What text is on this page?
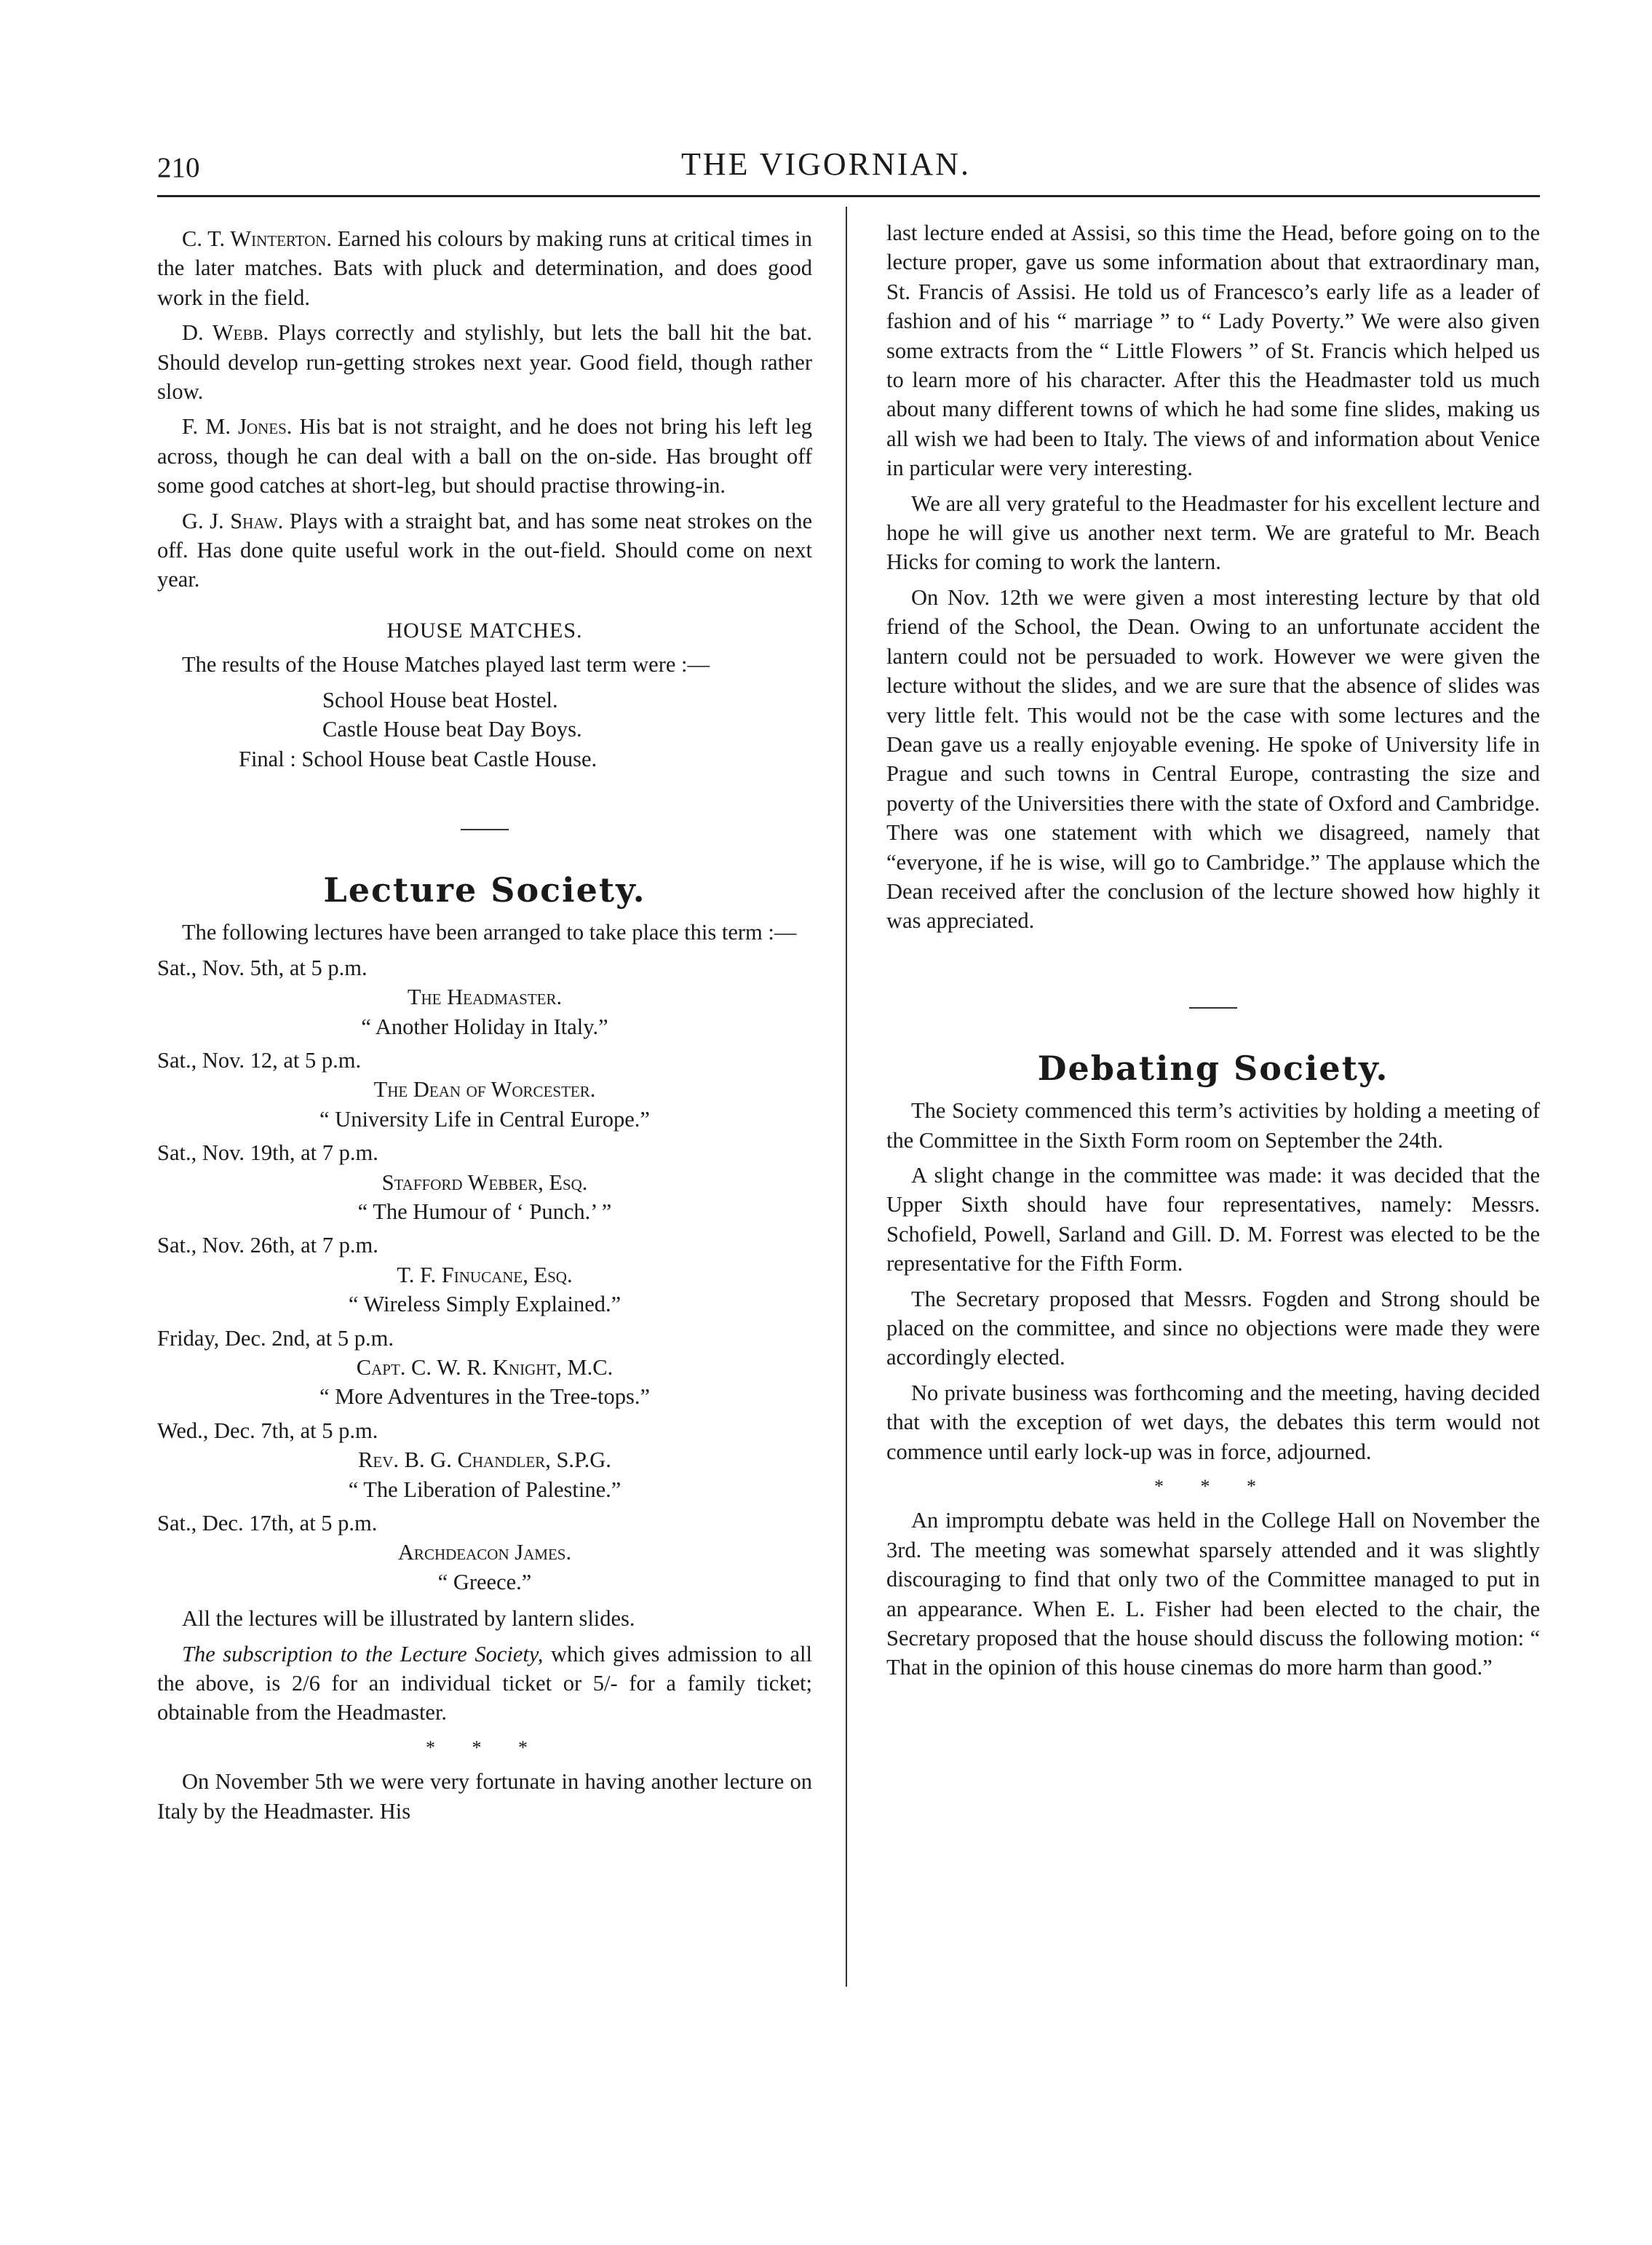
210	THE VIGORNIAN.

C. T. Winterton. Earned his colours by making runs at critical times in the later matches. Bats with pluck and determination, and does good work in the field.

D. Webb. Plays correctly and stylishly, but lets the ball hit the bat. Should develop run-getting strokes next year. Good field, though rather slow.

F. M. Jones. His bat is not straight, and he does not bring his left leg across, though he can deal with a ball on the on-side. Has brought off some good catches at short-leg, but should practise throwing-in.

G. J. Shaw. Plays with a straight bat, and has some neat strokes on the off. Has done quite useful work in the out-field. Should come on next year.

HOUSE MATCHES.

The results of the House Matches played last term were :—

School House beat Hostel.
Castle House beat Day Boys.
Final : School House beat Castle House.
Lecture Society.

The following lectures have been arranged to take place this term :—

Sat., Nov. 5th, at 5 p.m.

The Headmaster.

“ Another Holiday in Italy.”

Sat., Nov. 12, at 5 p.m.

The Dean of Worcester.

“ University Life in Central Europe.”

Sat., Nov. 19th, at 7 p.m.

Stafford Webber, Esq.

“ The Humour of ‘ Punch.’ ”

Sat., Nov. 26th, at 7 p.m.

T. F. Finucane, Esq.

“ Wireless Simply Explained.”

Friday, Dec. 2nd, at 5 p.m.

Capt. C. W. R. Knight, M.C.

“ More Adventures in the Tree-tops.”

Wed., Dec. 7th, at 5 p.m.

Rev. B. G. Chandler, S.P.G.

“ The Liberation of Palestine.”

Sat., Dec. 17th, at 5 p.m.

Archdeacon James.

“ Greece.”

All the lectures will be illustrated by lantern slides.

The subscription to the Lecture Society, which gives admission to all the above, is 2/6 for an individual ticket or 5/- for a family ticket; obtainable from the Headmaster.

* * *

On November 5th we were very fortunate in having another lecture on Italy by the Headmaster. His

last lecture ended at Assisi, so this time the Head, before going on to the lecture proper, gave us some information about that extraordinary man, St. Francis of Assisi. He told us of Francesco’s early life as a leader of fashion and of his “ marriage ” to “ Lady Poverty.” We were also given some extracts from the “ Little Flowers ” of St. Francis which helped us to learn more of his character. After this the Headmaster told us much about many different towns of which he had some fine slides, making us all wish we had been to Italy. The views of and information about Venice in particular were very interesting.

We are all very grateful to the Headmaster for his excellent lecture and hope he will give us another next term. We are grateful to Mr. Beach Hicks for coming to work the lantern.

On Nov. 12th we were given a most interesting lecture by that old friend of the School, the Dean. Owing to an unfortunate accident the lantern could not be persuaded to work. However we were given the lecture without the slides, and we are sure that the absence of slides was very little felt. This would not be the case with some lectures and the Dean gave us a really enjoyable evening. He spoke of University life in Prague and such towns in Central Europe, contrasting the size and poverty of the Universities there with the state of Oxford and Cambridge. There was one statement with which we disagreed, namely that “everyone, if he is wise, will go to Cambridge.” The applause which the Dean received after the conclusion of the lecture showed how highly it was appreciated.

Debating Society.

The Society commenced this term’s activities by holding a meeting of the Committee in the Sixth Form room on September the 24th.

A slight change in the committee was made: it was decided that the Upper Sixth should have four representatives, namely: Messrs. Schofield, Powell, Sarland and Gill. D. M. Forrest was elected to be the representative for the Fifth Form.

The Secretary proposed that Messrs. Fogden and Strong should be placed on the committee, and since no objections were made they were accordingly elected.

No private business was forthcoming and the meeting, having decided that with the exception of wet days, the debates this term would not commence until early lock-up was in force, adjourned.

* * *

An impromptu debate was held in the College Hall on November the 3rd. The meeting was somewhat sparsely attended and it was slightly discouraging to find that only two of the Committee managed to put in an appearance. When E. L. Fisher had been elected to the chair, the Secretary proposed that the house should discuss the following motion: “ That in the opinion of this house cinemas do more harm than good.”
